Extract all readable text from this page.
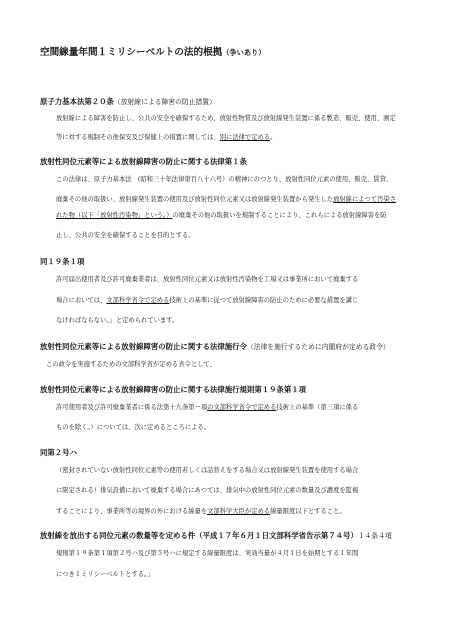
空間線量年間１ミリシーベルトの法的根拠（争いあり）
原子力基本法第２０条（放射線による障害の防止措置）
放射線による障害を防止し、公共の安全を確保するため、放射性物質及び放射線発生装置に係る製造、販売、使用、測定
等に対する規制その他保安及び保健上の措置に関しては、別に法律で定める。
放射性同位元素等による放射線障害の防止に関する法律第１条
この法律は、原子力基本法　(昭和三十年法律第百八十六号）の精神にのつとり、放射性同位元素の使用、販売、賃貸、
廃棄その他の取扱い、放射線発生装置の使用及び放射性同位元素又は放射線発生装置から発生した放射線によつて汚染さ
れた物（以下「放射性汚染物」という。）の廃棄その他の取扱いを規制することにより、これらによる放射線障害を防
止し、公共の安全を確保することを目的とする。
同１９条１項
許可届出使用者及び許可廃棄業者は、放射性同位元素又は放射性汚染物を工場又は事業所において廃棄する
場合においては、文部科学省令で定める技術上の基準に従つて放射線障害の防止のために必要な措置を講じ
なければならない。」と定められています。
放射性同位元素等による放射線障害の防止に関する法律施行令（法律を施行するために内閣府が定める政令）
この政令を実施するための文部科学省が定める省令として、
放射性同位元素等による放射線障害の防止に関する法律施行規則第１９条第１項
許可使用者及び許可廃棄業者に係る法第十九条第一項の文部科学省令で定める技術上の基準（第三項に係る
ものを除く。）については、次に定めるところによる。
同第２号ハ
（密封されていない放射性同位元素等の使用若しくは詰替えをする場合又は放射線発生装置を使用する場合
に限定される）排気設備において廃棄する場合にあつては、排気中の放射性同位元素の数量及び濃度を監視
することにより、事業所等の境界の外における線量を文部科学大臣が定める線量限度以下とすること。
放射線を放出する同位元素の数量等を定める件（平成１７年６月１日文部科学省告示第７４号）１４条４項
規則第１９条第１項第２号ハ及び第５号ハに規定する線量限度は、実効当量が４月１日を始期とする１年間
につき１ミリシーベルトとする。」
